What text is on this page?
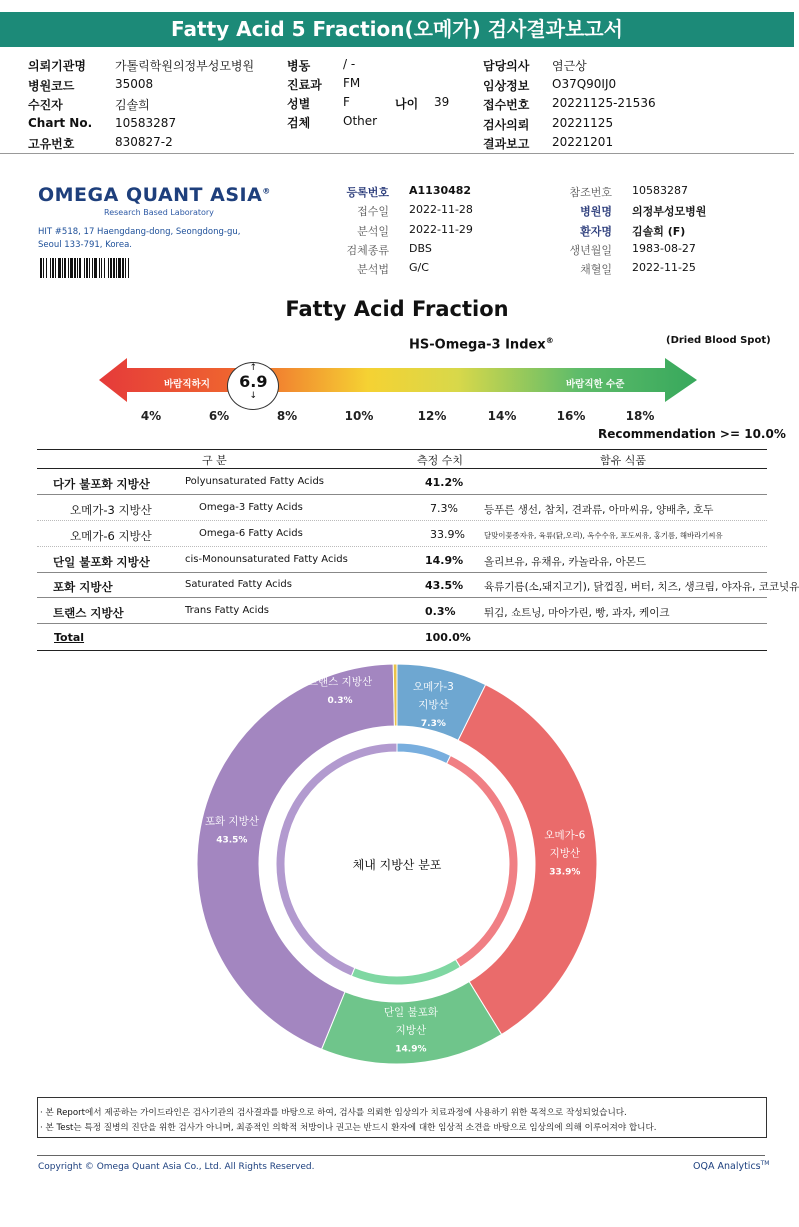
Fatty Acid 5 Fraction(오메가) 검사결과보고서
의뢰기관명 가톨릭학원의정부성모병원
병원코드	35008
수진자	김솔희
Chart No. 10583287
고유번호	830827-2
병동	/ -
진료과 FM
성별	F
검체	Other
담당의사 염근상
임상정보 O37Q90IJ0
접수번호 20221125-21536
검사의뢰 20221125
결과보고 20221201
나이 39
OMEGA QUANT ASIA®
Research Based Laboratory
HIT #518, 17 Haengdang-dong, Seongdong-gu,
Seoul 133-791, Korea.
등록번호 A1130482
접수일 2022-11-28
분석일 2022-11-29
검체종류 DBS
분석법 G/C
참조번호 10583287
병원명 의정부성모병원
환자명 김솔희 (F)
생년월일 1983-08-27
채혈일 2022-11-25
Fatty Acid Fraction
HS-Omega-3 Index®	(Dried Blood Spot)
바람직하지	바람직한 수준
↑
6.9
↓
4%	6%	8%	10%	12%	14%	16%	18%
Recommendation >= 10.0%
구 분	측정 수치	함유 식품
다가 불포화 지방산	Polyunsaturated Fatty Acids	41.2%
오메가-3 지방산	Omega-3 Fatty Acids	7.3% 등푸른 생선, 참치, 견과류, 아마씨유, 양배추, 호두
오메가-6 지방산	Omega-6 Fatty Acids	33.9%	달맞이꽃종자유, 육류(닭,오리), 옥수수유, 포도씨유, 홍기름, 해바라기씨유
단일 불포화 지방산	cis-Monounsaturated Fatty Acids	14.9% 올리브유, 유채유, 카놀라유, 아몬드
포화 지방산	Saturated Fatty Acids	43.5% 육류기름(소,돼지고기), 닭껍질, 버터, 치즈, 생크림, 야자유, 코코넛유
트랜스 지방산	Trans Fatty Acids	0.3%	튀김, 쇼트닝, 마아가린, 빵, 과자, 케이크
Total	100.0%
체내 지방산 분포
오메가-3
지방산
7.3%
오메가-6
지방산
33.9%
단일 불포화
지방산
14.9%
포화 지방산
43.5%
트랜스 지방산
0.3%
· 본 Report에서 제공하는 가이드라인은 검사기관의 검사결과를 바탕으로 하여, 검사를 의뢰한 임상의가 치료과정에 사용하기 위한 목적으로 작성되었습니다.
· 본 Test는 특정 질병의 진단을 위한 검사가 아니며, 최종적인 의학적 처방이나 권고는 반드시 환자에 대한 임상적 소견을 바탕으로 임상의에 의해 이루어져야 합니다.
Copyright © Omega Quant Asia Co., Ltd. All Rights Reserved.	OQA Analytics™
